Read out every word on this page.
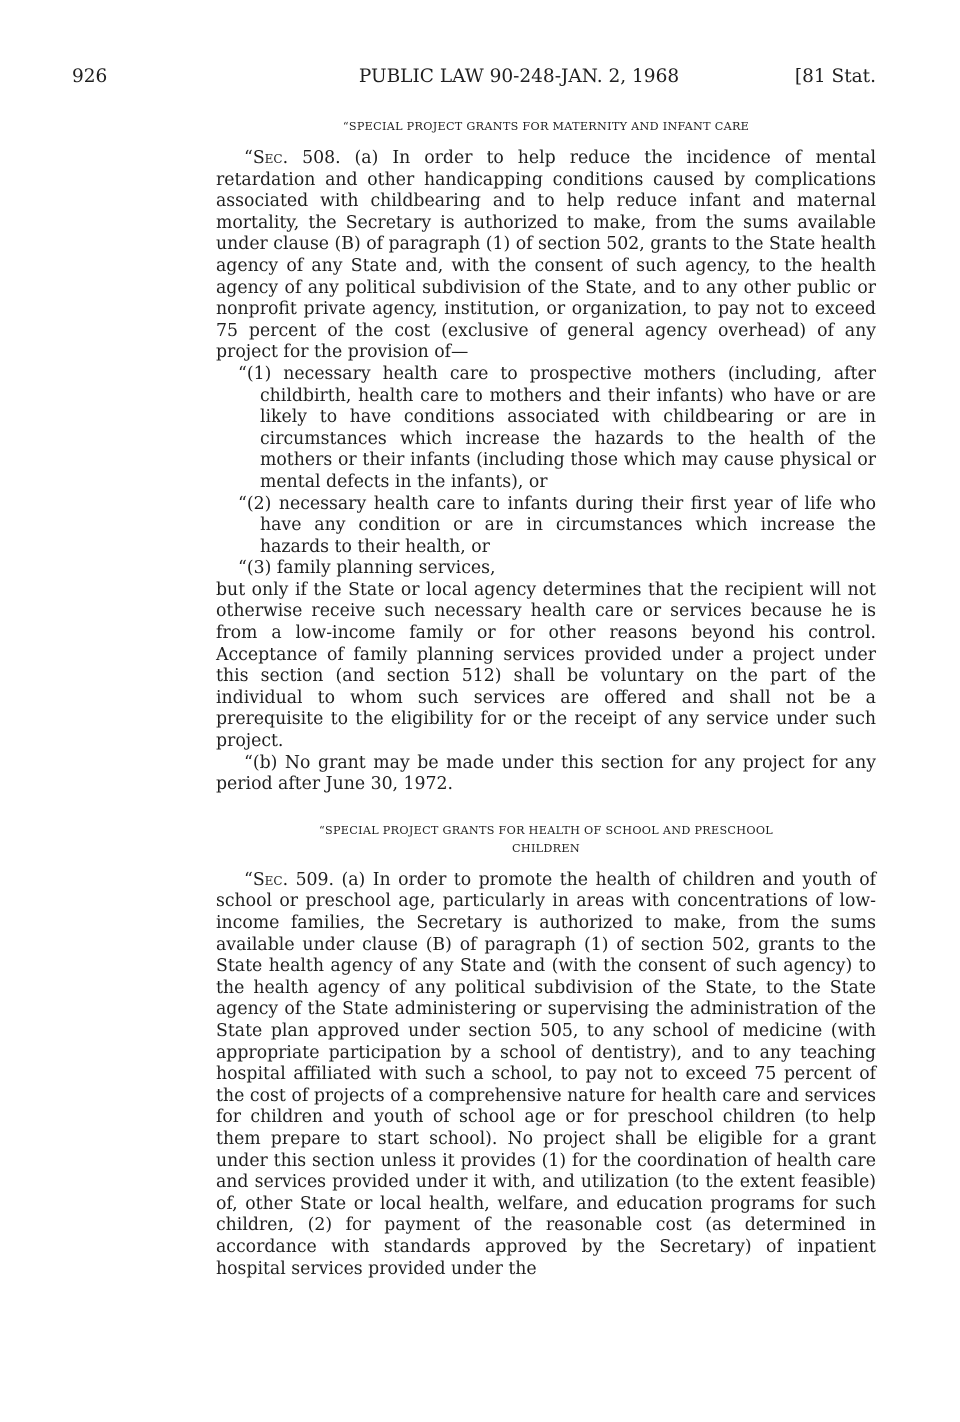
926	PUBLIC LAW 90-248-JAN. 2, 1968	[81 Stat.
“SPECIAL PROJECT GRANTS FOR MATERNITY AND INFANT CARE

“Sec. 508. (a) In order to help reduce the incidence of mental retardation and other handicapping conditions caused by complications associated with childbearing and to help reduce infant and maternal mortality, the Secretary is authorized to make, from the sums available under clause (B) of paragraph (1) of section 502, grants to the State health agency of any State and, with the consent of such agency, to the health agency of any political subdivision of the State, and to any other public or nonprofit private agency, institution, or organization, to pay not to exceed 75 percent of the cost (exclusive of general agency overhead) of any project for the provision of—

“(1) necessary health care to prospective mothers (including, after childbirth, health care to mothers and their infants) who have or are likely to have conditions associated with childbearing or are in circumstances which increase the hazards to the health of the mothers or their infants (including those which may cause physical or mental defects in the infants), or

“(2) necessary health care to infants during their first year of life who have any condition or are in circumstances which increase the hazards to their health, or

“(3) family planning services,

but only if the State or local agency determines that the recipient will not otherwise receive such necessary health care or services because he is from a low-income family or for other reasons beyond his control. Acceptance of family planning services provided under a project under this section (and section 512) shall be voluntary on the part of the individual to whom such services are offered and shall not be a prerequisite to the eligibility for or the receipt of any service under such project.

“(b) No grant may be made under this section for any project for any period after June 30, 1972.

“SPECIAL PROJECT GRANTS FOR HEALTH OF SCHOOL AND PRESCHOOL
CHILDREN

“Sec. 509. (a) In order to promote the health of children and youth of school or preschool age, particularly in areas with concentrations of low-income families, the Secretary is authorized to make, from the sums available under clause (B) of paragraph (1) of section 502, grants to the State health agency of any State and (with the consent of such agency) to the health agency of any political subdivision of the State, to the State agency of the State administering or supervising the administration of the State plan approved under section 505, to any school of medicine (with appropriate participation by a school of dentistry), and to any teaching hospital affiliated with such a school, to pay not to exceed 75 percent of the cost of projects of a comprehensive nature for health care and services for children and youth of school age or for preschool children (to help them prepare to start school). No project shall be eligible for a grant under this section unless it provides (1) for the coordination of health care and services provided under it with, and utilization (to the extent feasible) of, other State or local health, welfare, and education programs for such children, (2) for payment of the reasonable cost (as determined in accordance with standards approved by the Secretary) of inpatient hospital services provided under the
